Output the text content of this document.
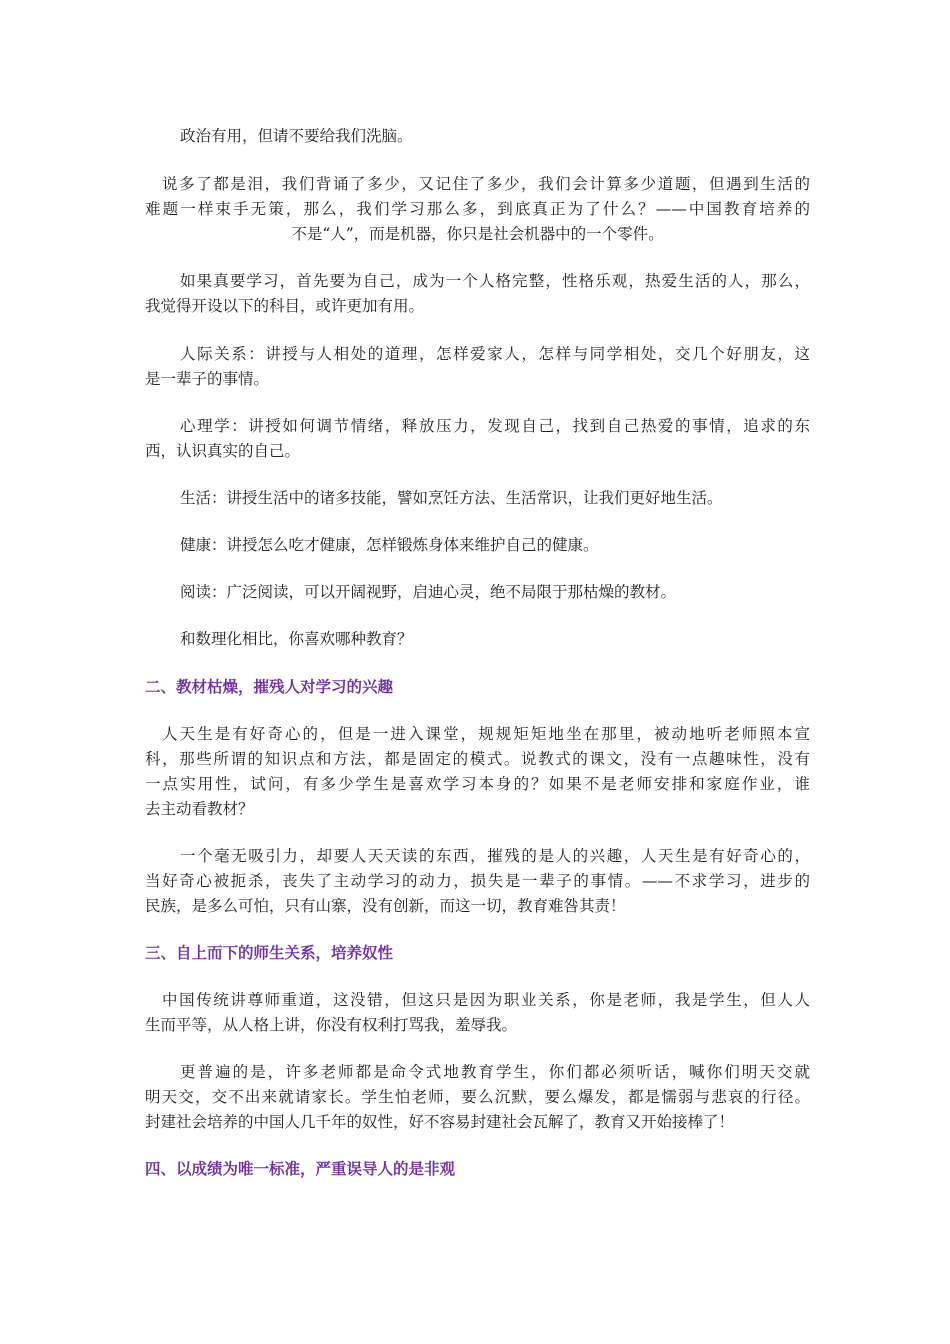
政治有用，但请不要给我们洗脑。
说多了都是泪，我们背诵了多少，又记住了多少，我们会计算多少道题，但遇到生活的
难题一样束手无策，那么，我们学习那么多，到底真正为了什么？——中国教育培养的
不是“人”，而是机器，你只是社会机器中的一个零件。
如果真要学习，首先要为自己，成为一个人格完整，性格乐观，热爱生活的人，那么，
我觉得开设以下的科目，或许更加有用。
人际关系：讲授与人相处的道理，怎样爱家人，怎样与同学相处，交几个好朋友，这
是一辈子的事情。
心理学：讲授如何调节情绪，释放压力，发现自己，找到自己热爱的事情，追求的东
西，认识真实的自己。
生活：讲授生活中的诸多技能，譬如烹饪方法、生活常识，让我们更好地生活。
健康：讲授怎么吃才健康，怎样锻炼身体来维护自己的健康。
阅读：广泛阅读，可以开阔视野，启迪心灵，绝不局限于那枯燥的教材。
和数理化相比，你喜欢哪种教育？
二、教材枯燥，摧残人对学习的兴趣
人天生是有好奇心的，但是一进入课堂，规规矩矩地坐在那里，被动地听老师照本宣
科，那些所谓的知识点和方法，都是固定的模式。说教式的课文，没有一点趣味性，没有
一点实用性，试问，有多少学生是喜欢学习本身的？如果不是老师安排和家庭作业，谁
去主动看教材？
一个毫无吸引力，却要人天天读的东西，摧残的是人的兴趣，人天生是有好奇心的，
当好奇心被扼杀，丧失了主动学习的动力，损失是一辈子的事情。——不求学习，进步的
民族，是多么可怕，只有山寨，没有创新，而这一切，教育难咎其责！
三、自上而下的师生关系，培养奴性
中国传统讲尊师重道，这没错，但这只是因为职业关系，你是老师，我是学生，但人人
生而平等，从人格上讲，你没有权利打骂我，羞辱我。
更普遍的是，许多老师都是命令式地教育学生，你们都必须听话，喊你们明天交就
明天交，交不出来就请家长。学生怕老师，要么沉默，要么爆发，都是懦弱与悲哀的行径。
封建社会培养的中国人几千年的奴性，好不容易封建社会瓦解了，教育又开始接棒了！
四、以成绩为唯一标准，严重误导人的是非观
